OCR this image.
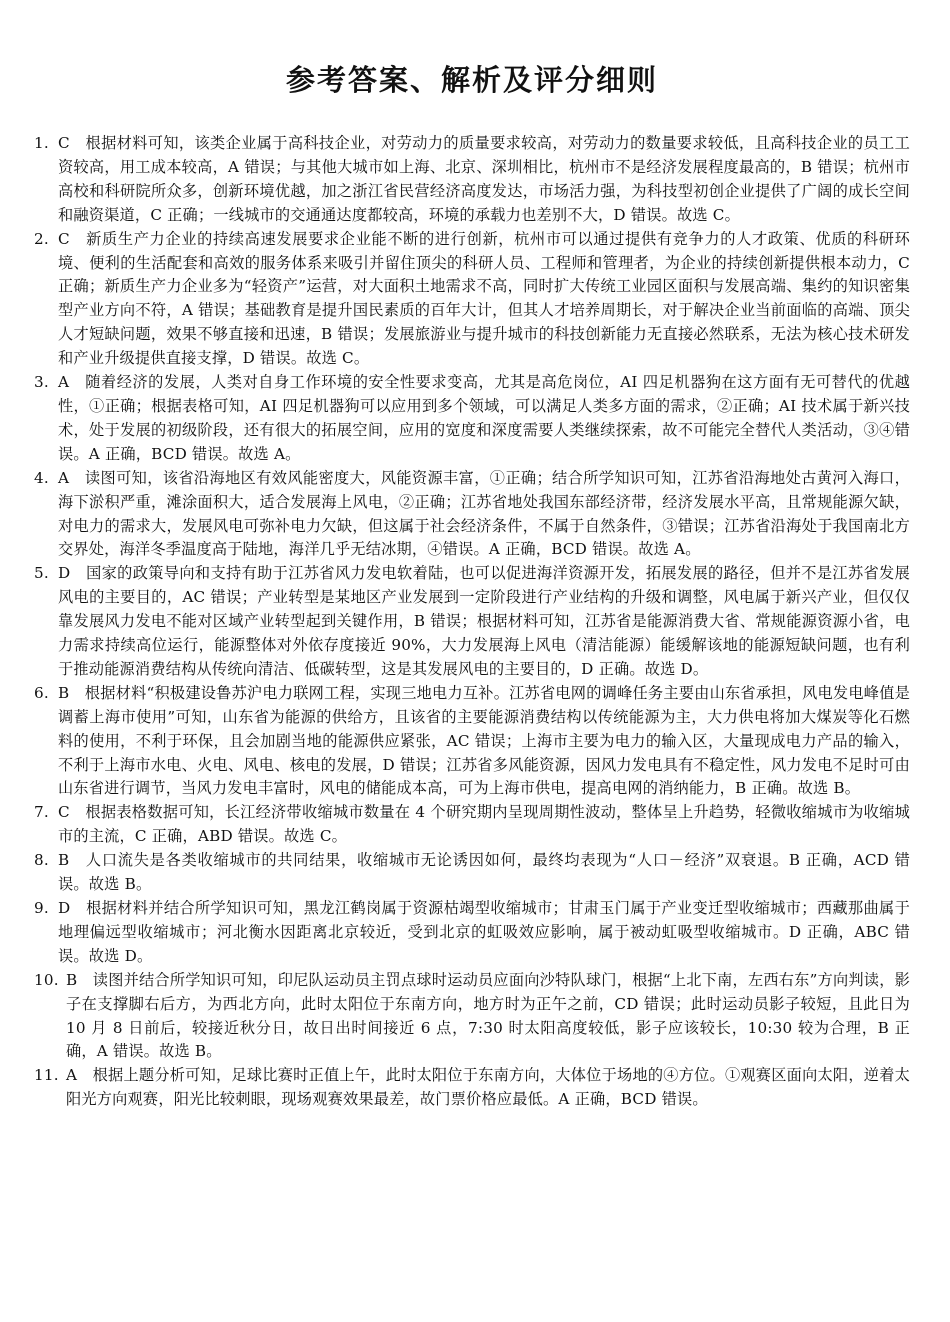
参考答案、解析及评分细则
1. C　根据材料可知，该类企业属于高科技企业，对劳动力的质量要求较高，对劳动力的数量要求较低，且高科技企业的员工工资较高，用工成本较高，A 错误；与其他大城市如上海、北京、深圳相比，杭州市不是经济发展程度最高的，B 错误；杭州市高校和科研院所众多，创新环境优越，加之浙江省民营经济高度发达，市场活力强，为科技型初创企业提供了广阔的成长空间和融资渠道，C 正确；一线城市的交通通达度都较高，环境的承载力也差别不大，D 错误。故选 C。
2. C　新质生产力企业的持续高速发展要求企业能不断的进行创新，杭州市可以通过提供有竞争力的人才政策、优质的科研环境、便利的生活配套和高效的服务体系来吸引并留住顶尖的科研人员、工程师和管理者，为企业的持续创新提供根本动力，C 正确；新质生产力企业多为“轻资产”运营，对大面积土地需求不高，同时扩大传统工业园区面积与发展高端、集约的知识密集型产业方向不符，A 错误；基础教育是提升国民素质的百年大计，但其人才培养周期长，对于解决企业当前面临的高端、顶尖人才短缺问题，效果不够直接和迅速，B 错误；发展旅游业与提升城市的科技创新能力无直接必然联系，无法为核心技术研发和产业升级提供直接支撑，D 错误。故选 C。
3. A　随着经济的发展，人类对自身工作环境的安全性要求变高，尤其是高危岗位，AI 四足机器狗在这方面有无可替代的优越性，①正确；根据表格可知，AI 四足机器狗可以应用到多个领域，可以满足人类多方面的需求，②正确；AI 技术属于新兴技术，处于发展的初级阶段，还有很大的拓展空间，应用的宽度和深度需要人类继续探索，故不可能完全替代人类活动，③④错误。A 正确，BCD 错误。故选 A。
4. A　读图可知，该省沿海地区有效风能密度大，风能资源丰富，①正确；结合所学知识可知，江苏省沿海地处古黄河入海口，海下淤积严重，滩涂面积大，适合发展海上风电，②正确；江苏省地处我国东部经济带，经济发展水平高，且常规能源欠缺，对电力的需求大，发展风电可弥补电力欠缺，但这属于社会经济条件，不属于自然条件，③错误；江苏省沿海处于我国南北方交界处，海洋冬季温度高于陆地，海洋几乎无结冰期，④错误。A 正确，BCD 错误。故选 A。
5. D　国家的政策导向和支持有助于江苏省风力发电软着陆，也可以促进海洋资源开发，拓展发展的路径，但并不是江苏省发展风电的主要目的，AC 错误；产业转型是某地区产业发展到一定阶段进行产业结构的升级和调整，风电属于新兴产业，但仅仅靠发展风力发电不能对区域产业转型起到关键作用，B 错误；根据材料可知，江苏省是能源消费大省、常规能源资源小省，电力需求持续高位运行，能源整体对外依存度接近 90%，大力发展海上风电（清洁能源）能缓解该地的能源短缺问题，也有利于推动能源消费结构从传统向清洁、低碳转型，这是其发展风电的主要目的，D 正确。故选 D。
6. B　根据材料“积极建设鲁苏沪电力联网工程，实现三地电力互补。江苏省电网的调峰任务主要由山东省承担，风电发电峰值是调蓄上海市使用”可知，山东省为能源的供给方，且该省的主要能源消费结构以传统能源为主，大力供电将加大煤炭等化石燃料的使用，不利于环保，且会加剧当地的能源供应紧张，AC 错误；上海市主要为电力的输入区，大量现成电力产品的输入，不利于上海市水电、火电、风电、核电的发展，D 错误；江苏省多风能资源，因风力发电具有不稳定性，风力发电不足时可由山东省进行调节，当风力发电丰富时，风电的储能成本高，可为上海市供电，提高电网的消纳能力，B 正确。故选 B。
7. C　根据表格数据可知，长江经济带收缩城市数量在 4 个研究期内呈现周期性波动，整体呈上升趋势，轻微收缩城市为收缩城市的主流，C 正确，ABD 错误。故选 C。
8. B　人口流失是各类收缩城市的共同结果，收缩城市无论诱因如何，最终均表现为“人口－经济”双衰退。B 正确，ACD 错误。故选 B。
9. D　根据材料并结合所学知识可知，黑龙江鹤岗属于资源枯竭型收缩城市；甘肃玉门属于产业变迁型收缩城市；西藏那曲属于地理偏远型收缩城市；河北衡水因距离北京较近，受到北京的虹吸效应影响，属于被动虹吸型收缩城市。D 正确，ABC 错误。故选 D。
10. B　读图并结合所学知识可知，印尼队运动员主罚点球时运动员应面向沙特队球门，根据“上北下南，左西右东”方向判读，影子在支撑脚右后方，为西北方向，此时太阳位于东南方向，地方时为正午之前，CD 错误；此时运动员影子较短，且此日为 10 月 8 日前后，较接近秋分日，故日出时间接近 6 点，7:30 时太阳高度较低，影子应该较长，10:30 较为合理，B 正确，A 错误。故选 B。
11. A　根据上题分析可知，足球比赛时正值上午，此时太阳位于东南方向，大体位于场地的④方位。①观赛区面向太阳，逆着太阳光方向观赛，阳光比较刺眼，现场观赛效果最差，故门票价格应最低。A 正确，BCD 错误。
